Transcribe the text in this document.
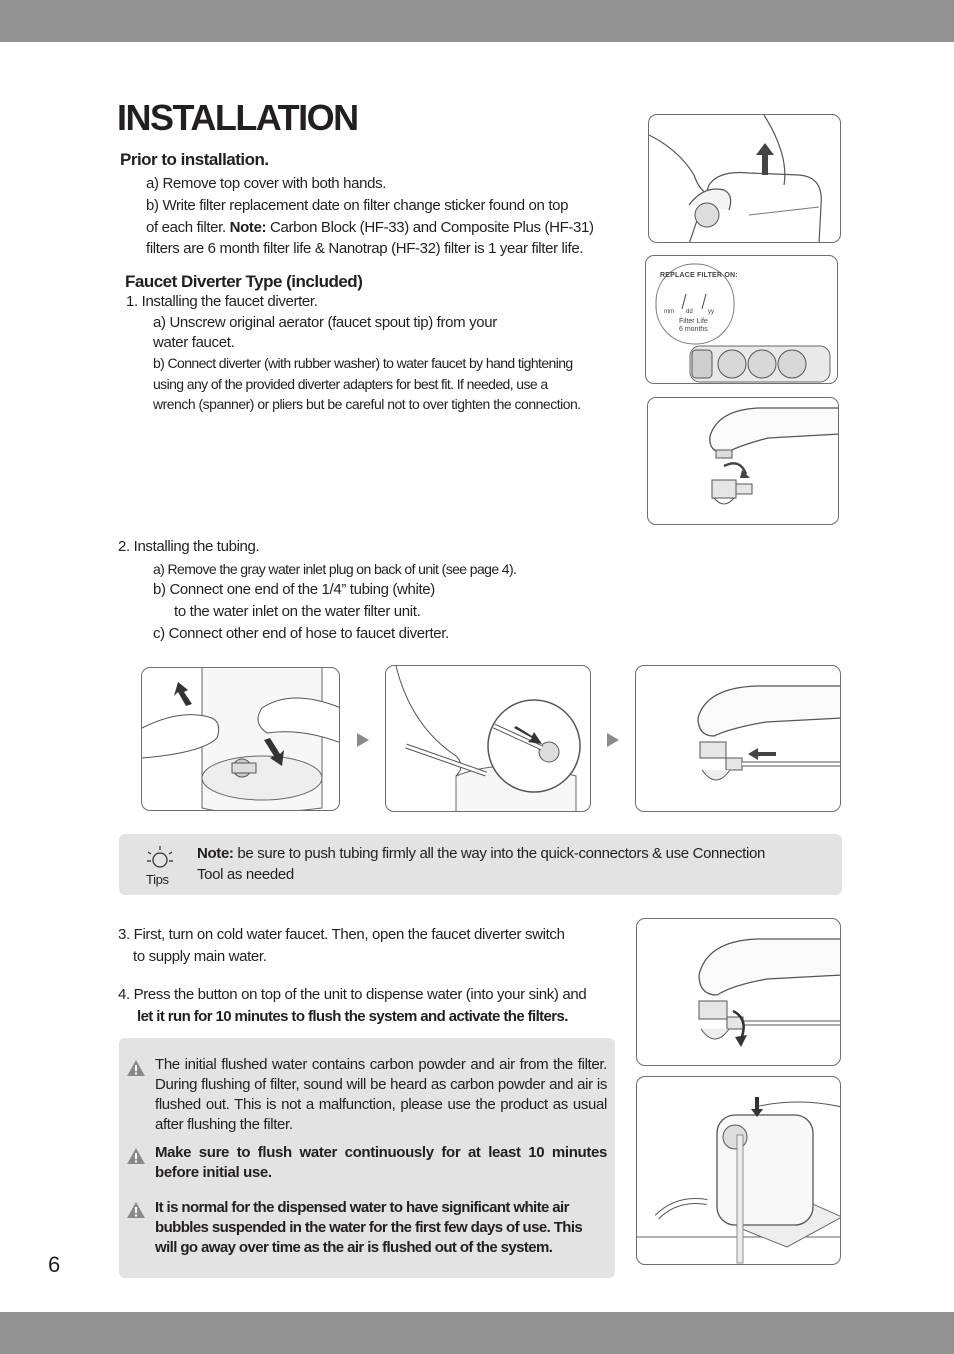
INSTALLATION
Prior to installation.
a) Remove top cover with both hands.
b) Write filter replacement date on filter change sticker found on top
of each filter. Note: Carbon Block (HF-33) and Composite Plus (HF-31)
filters are 6 month filter life & Nanotrap (HF-32) filter is 1 year filter life.
Faucet Diverter Type (included)
1. Installing the faucet diverter.
a) Unscrew original aerator (faucet spout tip) from your
water faucet.
b) Connect diverter (with rubber washer) to water faucet by hand tightening
using any of the provided diverter adapters for best fit. If needed, use a
wrench (spanner) or pliers but be careful not to over tighten the connection.
REPLACE FILTER ON:
mm dd	yy
Filter Life
6 months
2. Installing the tubing.
a) Remove the gray water inlet plug on back of unit (see page 4).
b) Connect one end of the 1/4” tubing (white)
to the water inlet on the water filter unit.
c) Connect other end of hose to faucet diverter.
Tips
Note: be sure to push tubing firmly all the way into the quick-connectors & use Connection
Tool as needed
3. First, turn on cold water faucet. Then, open the faucet diverter switch
to supply main water.
4. Press the button on top of the unit to dispense water (into your sink) and
let it run for 10 minutes to flush the system and activate the filters.
The initial flushed water contains carbon powder and air from the filter. During flushing of filter, sound will be heard as carbon powder and air is flushed out. This is not a malfunction, please use the product as usual after flushing the filter.
Make sure to flush water continuously for at least 10 minutes before initial use.
It is normal for the dispensed water to have significant white air bubbles suspended in the water for the first few days of use. This will go away over time as the air is flushed out of the system.
6
